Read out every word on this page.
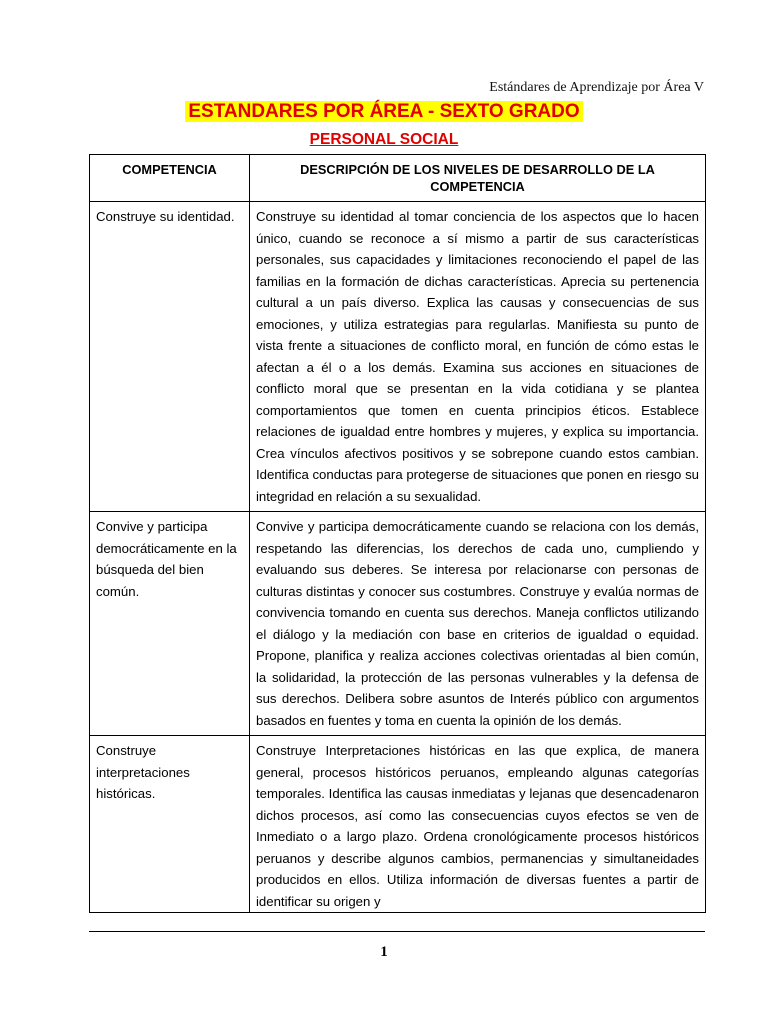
Estándares de Aprendizaje por Área V
ESTANDARES POR ÁREA - SEXTO GRADO
PERSONAL SOCIAL
COMPETENCIA	DESCRIPCIÓN DE LOS NIVELES DE DESARROLLO DE LA COMPETENCIA
Construye su identidad.	Construye su identidad al tomar conciencia de los aspectos que lo hacen único, cuando se reconoce a sí mismo a partir de sus características personales, sus capacidades y limitaciones reconociendo el papel de las familias en la formación de dichas características. Aprecia su pertenencia cultural a un país diverso. Explica las causas y consecuencias de sus emociones, y utiliza estrategias para regularlas. Manifiesta su punto de vista frente a situaciones de conflicto moral, en función de cómo estas le afectan a él o a los demás. Examina sus acciones en situaciones de conflicto moral que se presentan en la vida cotidiana y se plantea comportamientos que tomen en cuenta principios éticos. Establece relaciones de igualdad entre hombres y mujeres, y explica su importancia. Crea vínculos afectivos positivos y se sobrepone cuando estos cambian. Identifica conductas para protegerse de situaciones que ponen en riesgo su integridad en relación a su sexualidad.
Convive y participa democráticamente en la búsqueda del bien común.	Convive y participa democráticamente cuando se relaciona con los demás, respetando las diferencias, los derechos de cada uno, cumpliendo y evaluando sus deberes. Se interesa por relacionarse con personas de culturas distintas y conocer sus costumbres. Construye y evalúa normas de convivencia tomando en cuenta sus derechos. Maneja conflictos utilizando el diálogo y la mediación con base en criterios de igualdad o equidad. Propone, planifica y realiza acciones colectivas orientadas al bien común, la solidaridad, la protección de las personas vulnerables y la defensa de sus derechos. Delibera sobre asuntos de Interés público con argumentos basados en fuentes y toma en cuenta la opinión de los demás.
Construye interpretaciones históricas.	Construye Interpretaciones históricas en las que explica, de manera general, procesos históricos peruanos, empleando algunas categorías temporales. Identifica las causas inmediatas y lejanas que desencadenaron dichos procesos, así como las consecuencias cuyos efectos se ven de Inmediato o a largo plazo. Ordena cronológicamente procesos históricos peruanos y describe algunos cambios, permanencias y simultaneidades producidos en ellos. Utiliza información de diversas fuentes a partir de identificar su origen y
1
